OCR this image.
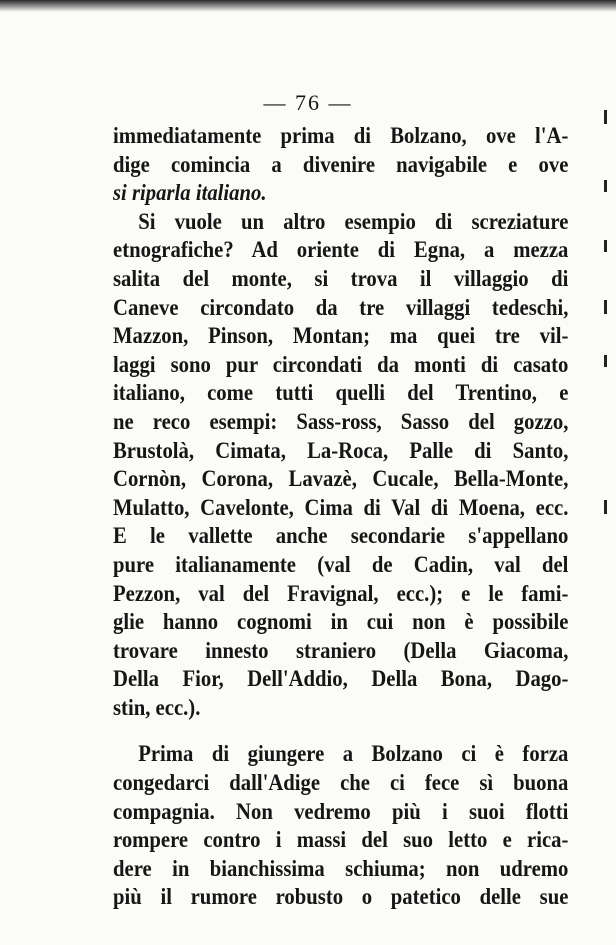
— 76 —
immediatamente prima di Bolzano, ove l'A-
dige comincia a divenire navigabile e ove
si riparla italiano.
Si vuole un altro esempio di screziature
etnografiche? Ad oriente di Egna, a mezza
salita del monte, si trova il villaggio di
Caneve circondato da tre villaggi tedeschi,
Mazzon, Pinson, Montan; ma quei tre vil-
laggi sono pur circondati da monti di casato
italiano, come tutti quelli del Trentino, e
ne reco esempi: Sass-ross, Sasso del gozzo,
Brustolà, Cimata, La-Roca, Palle di Santo,
Cornòn, Corona, Lavazè, Cucale, Bella-Monte,
Mulatto, Cavelonte, Cima di Val di Moena, ecc.
E le vallette anche secondarie s'appellano
pure italianamente (val de Cadin, val del
Pezzon, val del Fravignal, ecc.); e le fami-
glie hanno cognomi in cui non è possibile
trovare innesto straniero (Della Giacoma,
Della Fior, Dell'Addio, Della Bona, Dago-
stin, ecc.).
Prima di giungere a Bolzano ci è forza
congedarci dall'Adige che ci fece sì buona
compagnia. Non vedremo più i suoi flotti
rompere contro i massi del suo letto e rica-
dere in bianchissima schiuma; non udremo
più il rumore robusto o patetico delle sue
